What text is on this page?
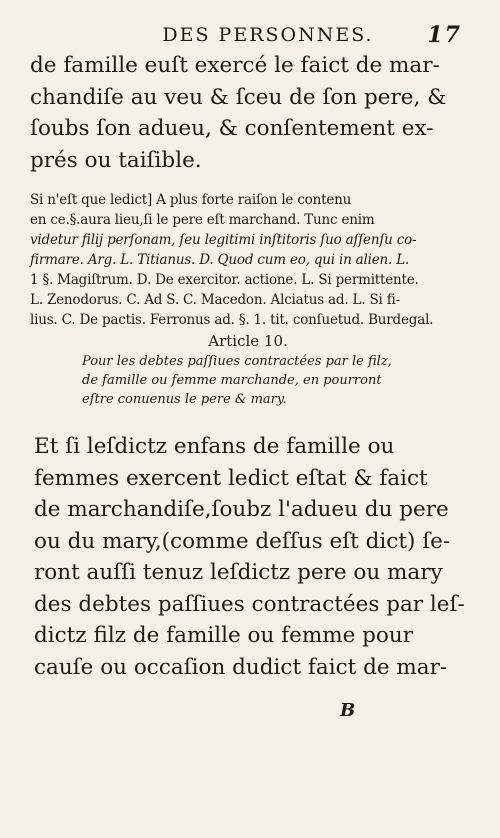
DES PERSONNES. 17

de famille euſt exercé le faict de mar-

chandiſe au veu & ſceu de ſon pere, &

ſoubs ſon adueu, & conſentement ex-

prés ou taiſible.

Si n'eſt que ledict] A plus forte raiſon le contenu

en ce.§.aura lieu,ſi le pere eſt marchand. Tunc enim

videtur filij perſonam, ſeu legitimi inſtitoris ſuo aſſenſu co-

firmare. Arg. L. Titianus. D. Quod cum eo, qui in alien. L.

1 §. Magiſtrum. D. De exercitor. actione. L. Si permittente.

L. Zenodorus. C. Ad S. C. Macedon. Alciatus ad. L. Si fi-

lius. C. De pactis. Ferronus ad. §. 1. tit. conſuetud. Burdegal.

Article 10.

Pour les debtes paſſiues contractées par le filz,

de famille ou femme marchande, en pourront

eſtre conuenus le pere & mary.

Et ſi leſdictz enfans de famille ou

femmes exercent ledict eſtat & faict

de marchandiſe,ſoubz l'adueu du pere

ou du mary,(comme deſſus eſt dict) ſe-

ront auſſi tenuz leſdictz pere ou mary

des debtes paſſiues contractées par leſ-

dictz filz de famille ou femme pour

cauſe ou occaſion dudict faict de mar-

B
